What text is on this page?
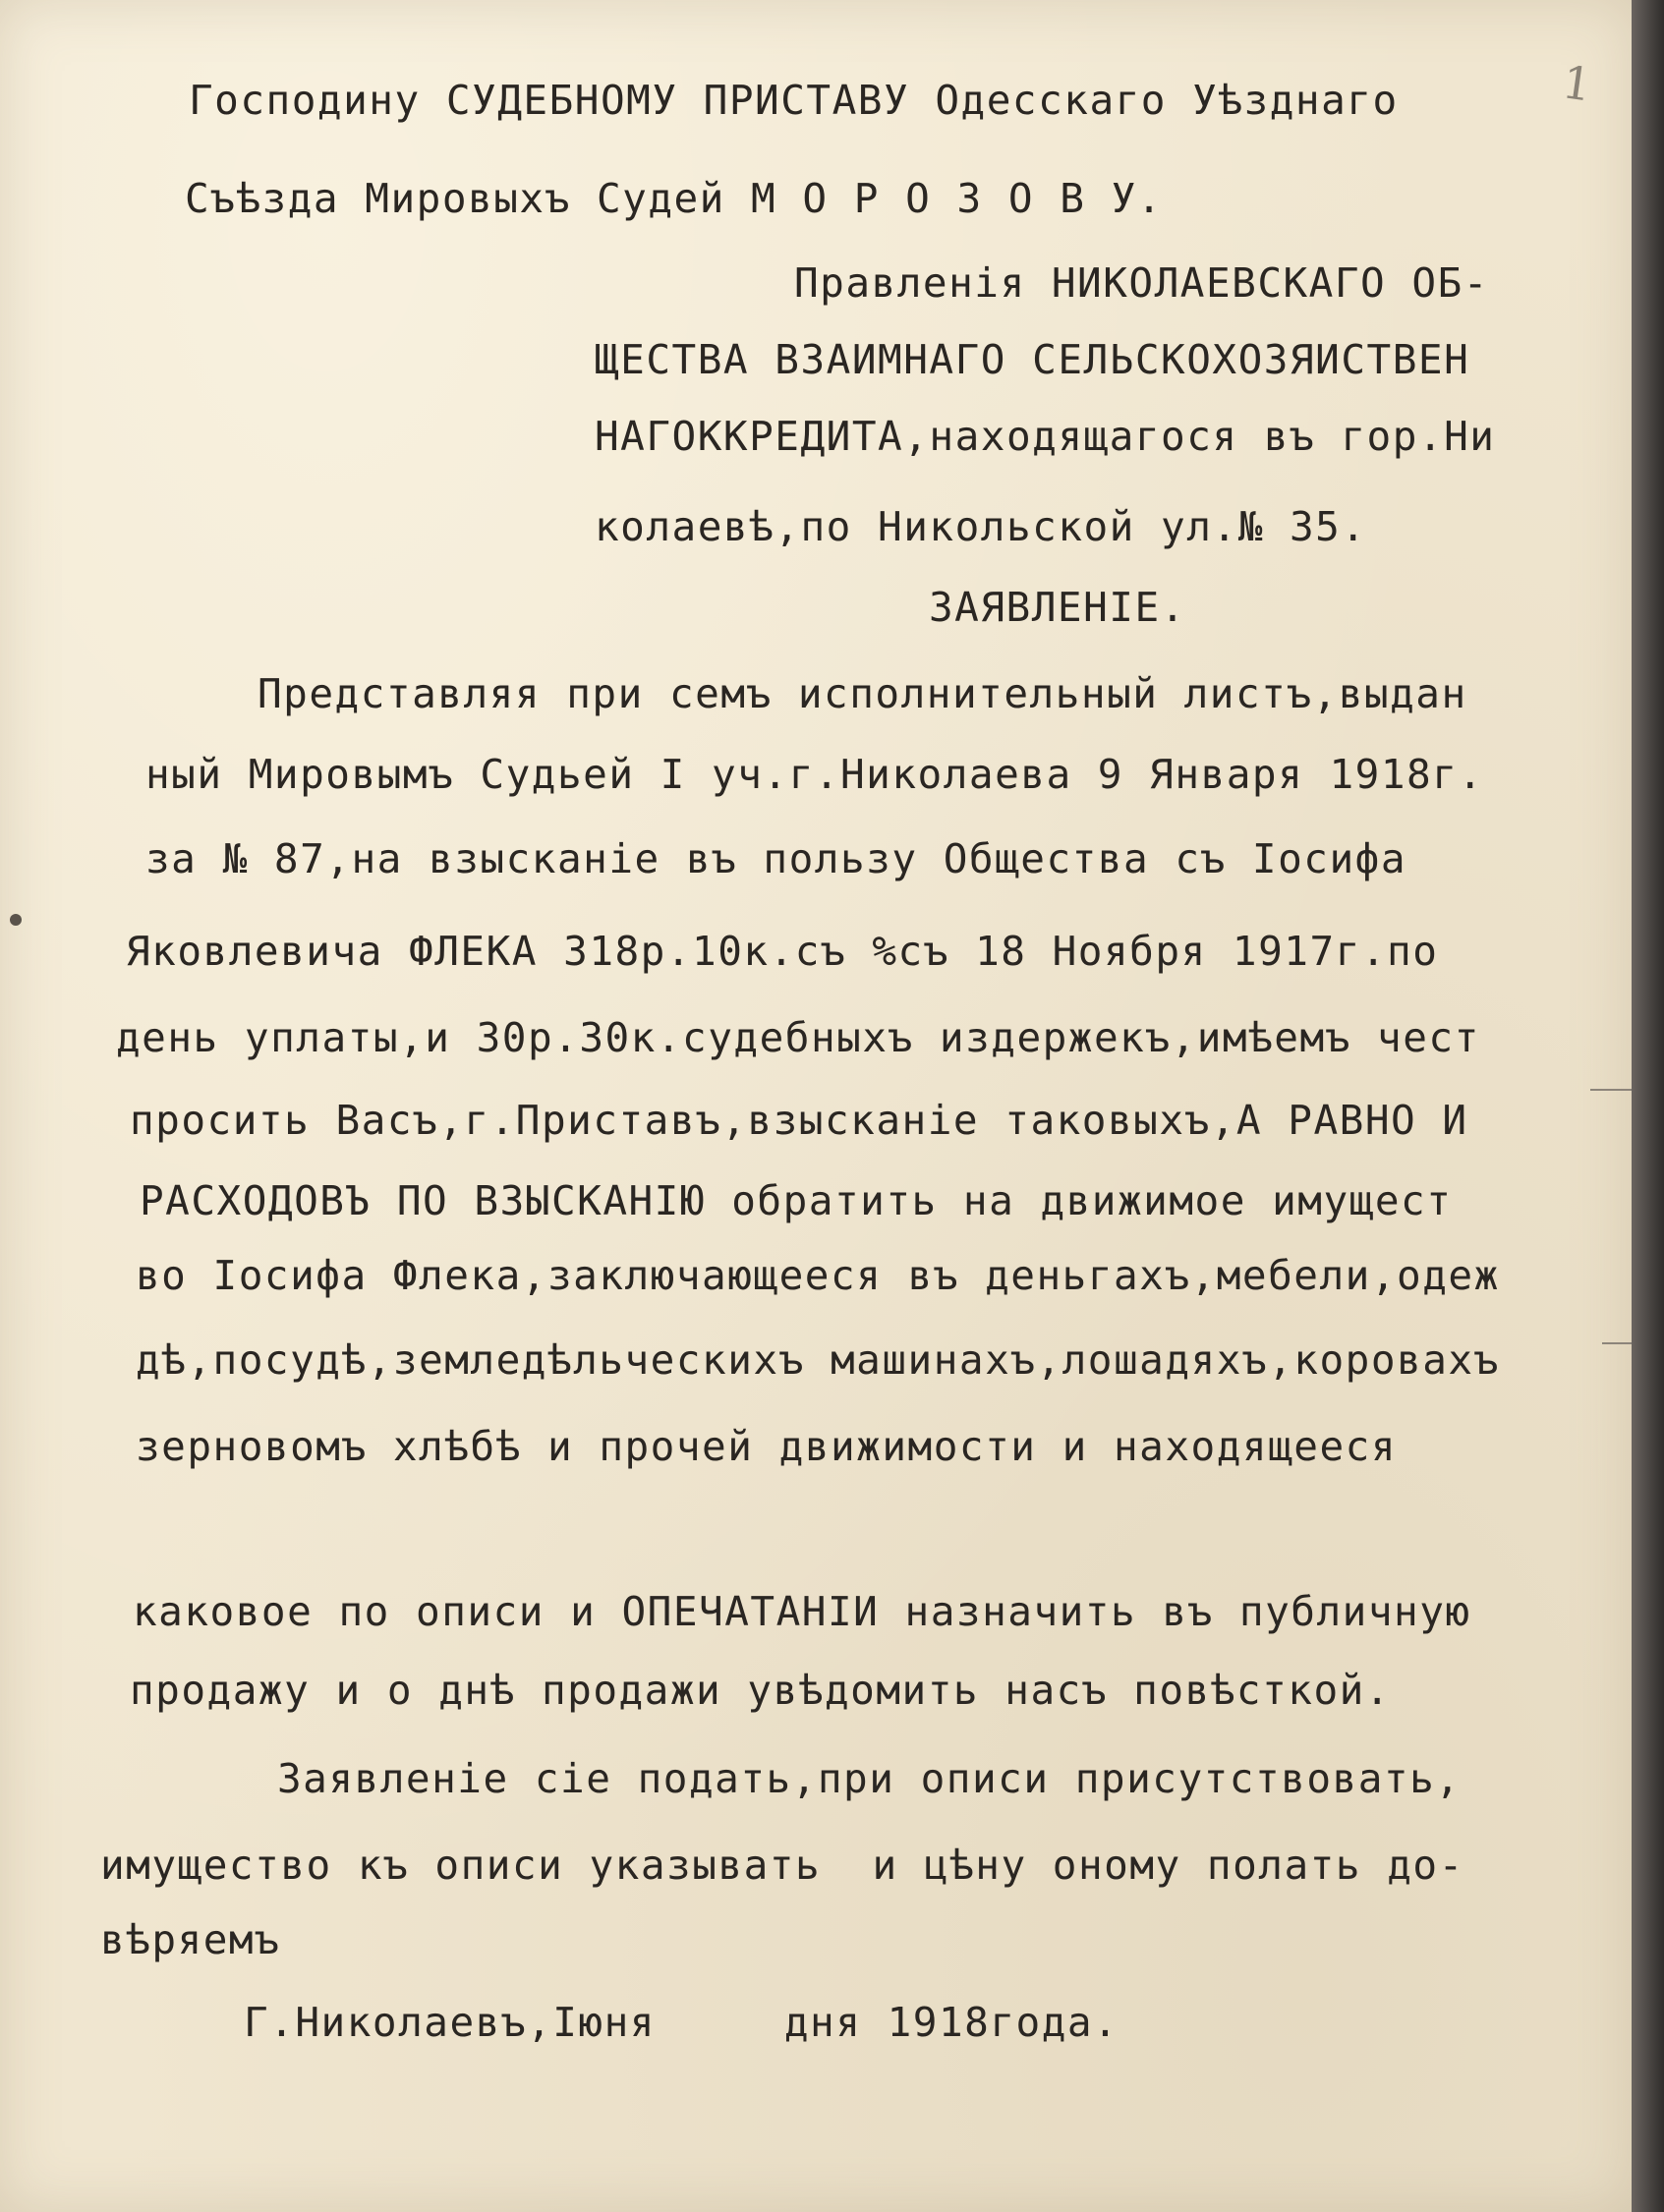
1

Господину СУДЕБНОМУ ПРИСТАВУ Одесскаго Уѣзднаго

Съѣзда Мировыхъ Судей М О Р О З О В У.

Правленія НИКОЛАЕВСКАГО ОБ-

ЩЕСТВА ВЗАИМНАГО СЕЛЬСКОХОЗЯИСТВЕН

НАГОККРЕДИТА,находящагося въ гор.Ни

колаевѣ,по Никольской ул.№ 35.

ЗАЯВЛЕНІЕ.

Представляя при семъ исполнительный листъ,выдан

ный Мировымъ Судьей I уч.г.Николаева 9 Января 1918г.

за № 87,на взысканіе въ пользу Общества съ Іосифа

Яковлевича ФЛЕКА 318р.10к.съ %съ 18 Ноября 1917г.по

день уплаты,и 30р.30к.судебныхъ издержекъ,имѣемъ чест

просить Васъ,г.Приставъ,взысканіе таковыхъ,А РАВНО И

РАСХОДОВЪ ПО ВЗЫСКАНІЮ обратить на движимое имущест

во Іосифа Флека,заключающееся въ деньгахъ,мебели,одеж

дѣ,посудѣ,земледѣльческихъ машинахъ,лошадяхъ,коровахъ

зерновомъ хлѣбѣ и прочей движимости и находящееся

каковое по описи и ОПЕЧАТАНІИ назначить въ публичную

продажу и о днѣ продажи увѣдомить насъ повѣсткой.

Заявленіе сіе подать,при описи присутствовать,

имущество къ описи указывать  и цѣну оному полать до-

вѣряемъ

Г.Николаевъ,Іюня     дня 1918года.
